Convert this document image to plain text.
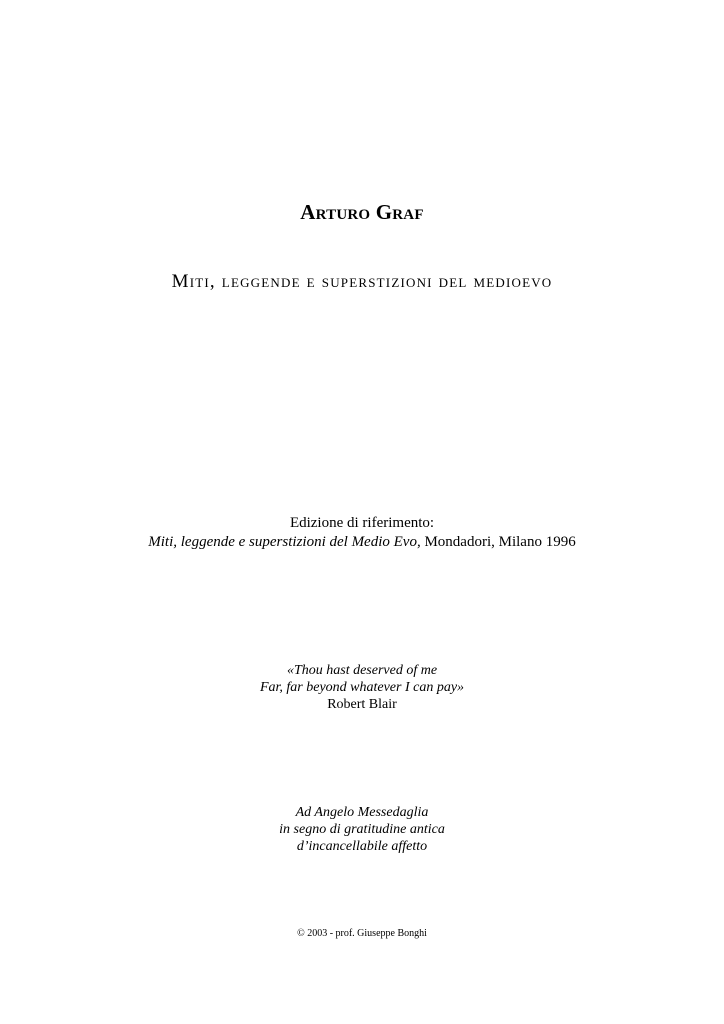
Arturo Graf
Miti, leggende e superstizioni del medioevo
Edizione di riferimento:
Miti, leggende e superstizioni del Medio Evo, Mondadori, Milano 1996
«Thou hast deserved of me
Far, far beyond whatever I can pay»
Robert Blair
Ad Angelo Messedaglia
in segno di gratitudine antica
d’incancellabile affetto
© 2003 - prof. Giuseppe Bonghi
